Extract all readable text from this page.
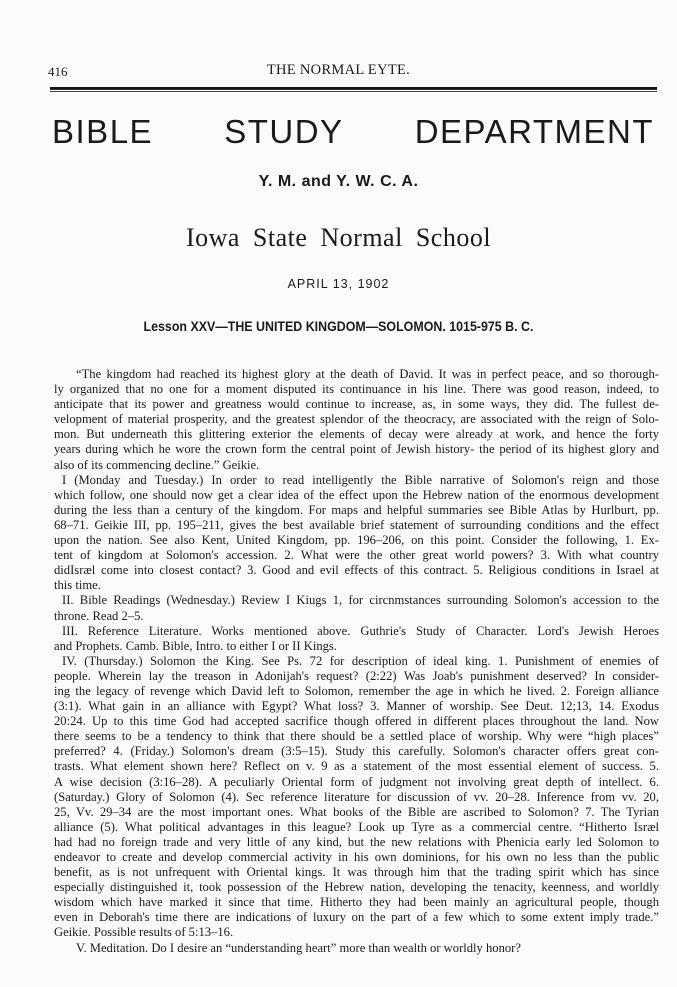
416	THE NORMAL EYTE.
BIBLE STUDY DEPARTMENT
Y. M. and Y. W. C. A.
Iowa State Normal School
APRIL 13, 1902
Lesson XXV—THE UNITED KINGDOM—SOLOMON. 1015-975 B. C.
“The kingdom had reached its highest glory at the death of David. It was in perfect peace, and so thorough-
ly organized that no one for a moment disputed its continuance in his line. There was good reason, indeed, to
anticipate that its power and greatness would continue to increase, as, in some ways, they did. The fullest de-
velopment of material prosperity, and the greatest splendor of the theocracy, are associated with the reign of Solo-
mon. But underneath this glittering exterior the elements of decay were already at work, and hence the forty
years during which he wore the crown form the central point of Jewish history- the period of its highest glory and
also of its commencing decline.” Geikie.
I (Monday and Tuesday.) In order to read intelligently the Bible narrative of Solomon's reign and those
which follow, one should now get a clear idea of the effect upon the Hebrew nation of the enormous development
during the less than a century of the kingdom. For maps and helpful summaries see Bible Atlas by Hurlburt, pp.
68–71. Geikie III, pp. 195–211, gives the best available brief statement of surrounding conditions and the effect
upon the nation. See also Kent, United Kingdom, pp. 196–206, on this point. Consider the following, 1. Ex-
tent of kingdom at Solomon's accession. 2. What were the other great world powers? 3. With what country
didIsræl come into closest contact? 3. Good and evil effects of this contract. 5. Religious conditions in Israel at
this time.
II. Bible Readings (Wednesday.) Review I Kiugs 1, for circnmstances surrounding Solomon's accession to the
throne. Read 2–5.
III. Reference Literature. Works mentioned above. Guthrie's Study of Character. Lord's Jewish Heroes
and Prophets. Camb. Bible, Intro. to either I or II Kings.
IV. (Thursday.) Solomon the King. See Ps. 72 for description of ideal king. 1. Punishment of enemies of
people. Wherein lay the treason in Adonijah's request? (2:22) Was Joab's punishment deserved? In consider-
ing the legacy of revenge which David left to Solomon, remember the age in which he lived. 2. Foreign alliance
(3:1). What gain in an alliance with Egypt? What loss? 3. Manner of worship. See Deut. 12;13, 14. Exodus
20:24. Up to this time God had accepted sacrifice though offered in different places throughout the land. Now
there seems to be a tendency to think that there should be a settled place of worship. Why were “high places”
preferred? 4. (Friday.) Solomon's dream (3:5–15). Study this carefully. Solomon's character offers great con-
trasts. What element shown here? Reflect on v. 9 as a statement of the most essential element of success. 5.
A wise decision (3:16–28). A peculiarly Oriental form of judgment not involving great depth of intellect. 6.
(Saturday.) Glory of Solomon (4). Sec reference literature for discussion of vv. 20–28. Inference from vv. 20,
25, Vv. 29–34 are the most important ones. What books of the Bible are ascribed to Solomon? 7. The Tyrian
alliance (5). What political advantages in this league? Look up Tyre as a commercial centre. “Hitherto Isræl
had had no foreign trade and very little of any kind, but the new relations with Phenicia early led Solomon to
endeavor to create and develop commercial activity in his own dominions, for his own no less than the public
benefit, as is not unfrequent with Oriental kings. It was through him that the trading spirit which has since
especially distinguished it, took possession of the Hebrew nation, developing the tenacity, keenness, and worldly
wisdom which have marked it since that time. Hitherto they had been mainly an agricultural people, though
even in Deborah's time there are indications of luxury on the part of a few which to some extent imply trade.”
Geikie. Possible results of 5:13–16.
V. Meditation. Do I desire an “understanding heart” more than wealth or worldly honor?
